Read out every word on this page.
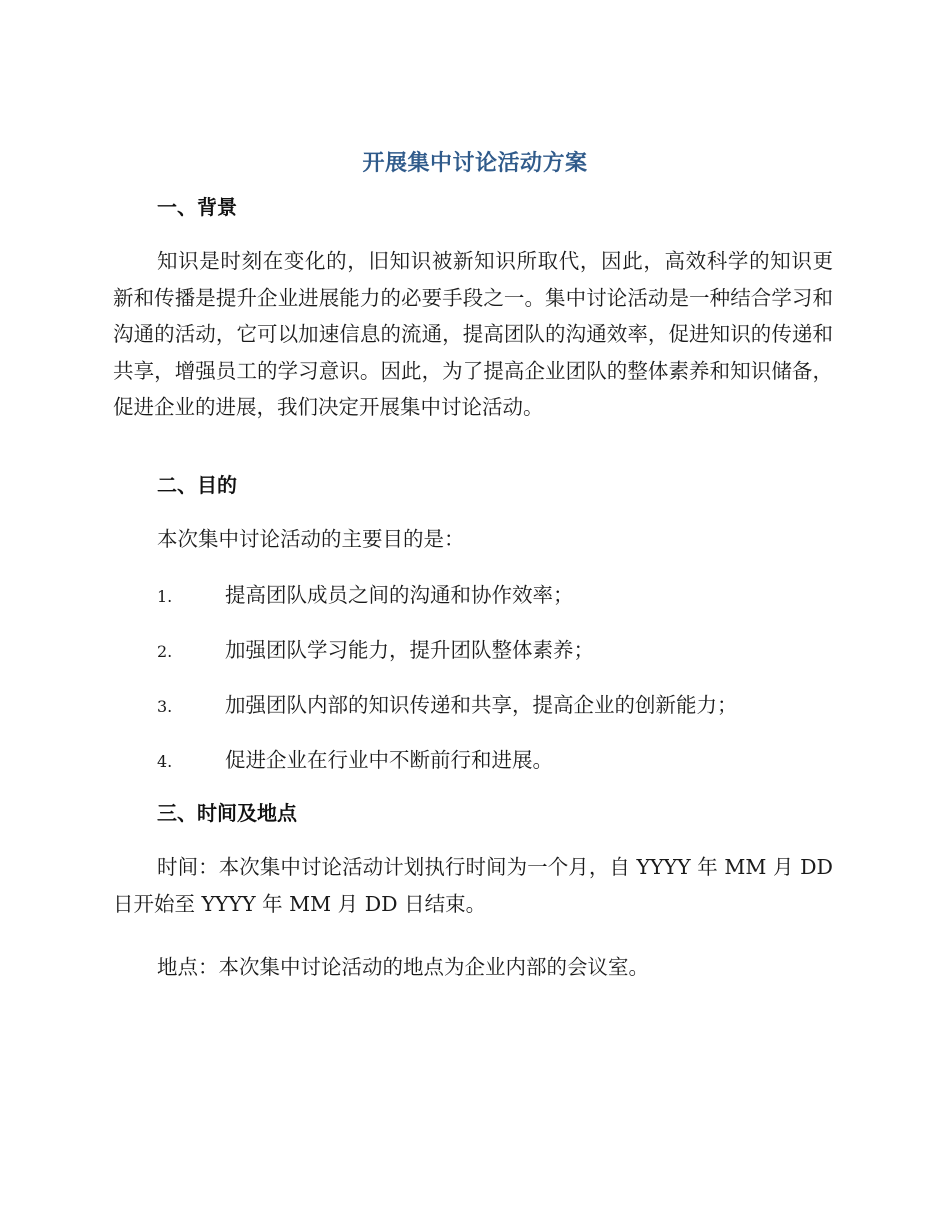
开展集中讨论活动方案
一、背景
知识是时刻在变化的，旧知识被新知识所取代，因此，高效科学的知识更新和传播是提升企业进展能力的必要手段之一。集中讨论活动是一种结合学习和沟通的活动，它可以加速信息的流通，提高团队的沟通效率，促进知识的传递和共享，增强员工的学习意识。因此，为了提高企业团队的整体素养和知识储备，促进企业的进展，我们决定开展集中讨论活动。
二、目的
本次集中讨论活动的主要目的是：
1.	提高团队成员之间的沟通和协作效率；
2.	加强团队学习能力，提升团队整体素养；
3.	加强团队内部的知识传递和共享，提高企业的创新能力；
4.	促进企业在行业中不断前行和进展。
三、时间及地点
时间：本次集中讨论活动计划执行时间为一个月，自 YYYY 年 MM 月 DD 日开始至 YYYY 年 MM 月 DD 日结束。
地点：本次集中讨论活动的地点为企业内部的会议室。
